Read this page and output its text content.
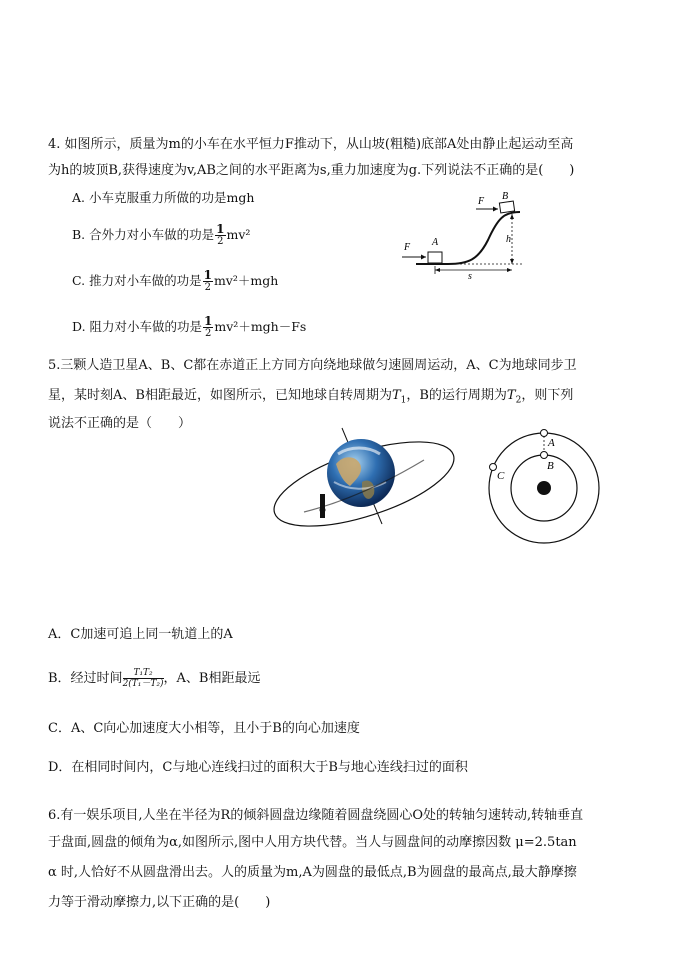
4. 如图所示，质量为m的小车在水平恒力F推动下，从山坡(粗糙)底部A处由静止起运动至高
为h的坡顶B,获得速度为v,AB之间的水平距离为s,重力加速度为g.下列说法不正确的是(　　)
A. 小车克服重力所做的功是mgh
B. 合外力对小车做的功是 $\frac{1}{2} mv^2$
C. 推力对小车做的功是 $\frac{1}{2} mv^2+mgh$
D. 阻力对小车做的功是 $\frac{1}{2} mv^2+mgh-Fs$
F A
F B
h
s
5.三颗人造卫星A、B、C都在赤道正上方同方向绕地球做匀速圆周运动，A、C为地球同步卫
星，某时刻A、B相距最近，如图所示，已知地球自转周期为$T_1$，B的运行周期为$T_2$，则下列
说法不正确的是（　　）
A
B
C
A．C加速可追上同一轨道上的A
B．经过时间 $\frac{\text{T₁T₂}}{\text{2(T₁－T₂)}}$ ，A、B相距最远
C．A、C向心加速度大小相等，且小于B的向心加速度
D．在相同时间内，C与地心连线扫过的面积大于B与地心连线扫过的面积
6.有一娱乐项目,人坐在半径为R的倾斜圆盘边缘随着圆盘绕圆心O处的转轴匀速转动,转轴垂直
于盘面,圆盘的倾角为α,如图所示,图中人用方块代替。当人与圆盘间的动摩擦因数 μ=2.5tan
α 时,人恰好不从圆盘滑出去。人的质量为m,A为圆盘的最低点,B为圆盘的最高点,最大静摩擦
力等于滑动摩擦力,以下正确的是(　　)
